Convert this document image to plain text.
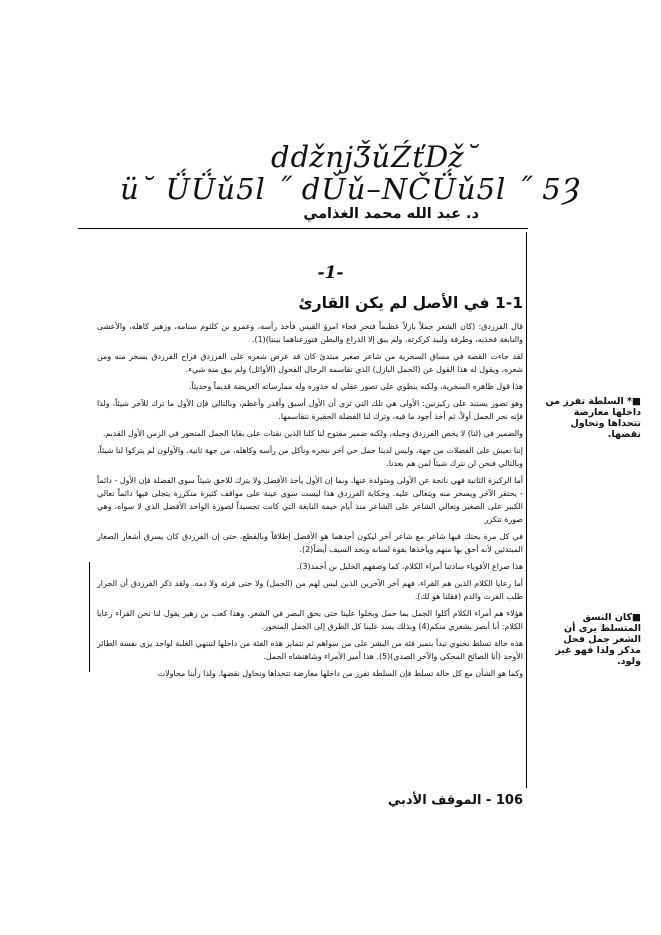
dǆǌǮǔŹťǅ˘
ü˘ ǗǗǔ5l ˝ dǓǔ–NČǗǔ5l ˝ 5Ȝ
د. عبد الله محمد الغذامي
-1-
1-1 في الأصل لم يكن القارئ

قال الفرزدق: (كان الشعر جملاً بازلاً عظيماً فنحر فجاء امرؤ القيس فأخذ رأسه، وعمرو بن كلثوم سنامه، وزهير كاهله، والأعشى والنابغة فخذيه، وطرفة ولبيد كركرته، ولم يبق إلا الذراع والبطن فتوزعناهما بيننا)(1).

لقد جاءت القصة في مساق السخرية من شاعر صغير مبتدئ كان قد عرض شعره على الفرزدق فراح الفرزدق يسخر منه ومن شعره، ويقول له هذا القول عن (الجمل البازل) الذي تقاسمه الرجال الفحول (الأوائل) ولم يبق منه شيء.

هذا قول ظاهره السخرية، ولكنه ينطوي على تصور عقلي له جذوره وله ممارساته العريضة قديماً وحديثاً.

وهو تصور يستند على ركيزتين: الأولى هي تلك التي ترى أن الأول أسبق وأقدر وأعظم، وبالتالي فإن الأول ما ترك للآخر شيئاً، ولذا فإنه نحر الجمل أولاً، ثم أخذ أجود ما فيه، وترك لنا الفضلة الحقيرة نتقاسمها.

والضمير في (لنا) لا يخص الفرزدق وجيله، ولكنه ضمير مفتوح لنا كلنا الذين نقتات على بقايا الجمل المنحور في الزمن الأول القديم.

إننا نعيش على الفضلات من جهة، وليس لدينا جمل حي آخر ننحره ونأكل من رأسه وكاهله، من جهة ثانية. والأولون لم يتركوا لنا شيئاً، وبالتالي فنحن لن نترك شيئاً لمن هم بعدنا.

أما الركيزة الثانية فهي ناتجة عن الأولى ومتولدة عنها، وبما إن الأول يأخذ الأفضل ولا يترك للاحق شيئاً سوى الفضلة فإن الأول - دائماً - يحتقر الآخر ويسخر منه ويتعالى عليه. وحكاية الفرزدق هذا ليست سوى عينة على مواقف كثيرة متكررة يتجلى فيها دائماً تعالي الكبير على الصغير وتعالي الشاعر على الشاعر منذ أيام خيمة النابغة التي كانت تجسيداً لصورة الواحد الأفضل الذي لا سواه، وهي صورة تتكرر

في كل مرة يحتك فيها شاعر مع شاعر آخر ليكون أحدهما هو الأفضل إطلاقاً وبالقطع، حتى إن الفرزدق كان يسرق أشعار الصغار المبتدئين لأنه أحق بها منهم ويأخذها بقوة لسانه وبحد السيف أيضاً(2).

هذا صراع الأقوياء سادتنا أمراء الكلام، كما وصفهم الخليل بن أحمد(3).

أما رعايا الكلام الذين هم القراء، فهم آخر الآخرين الذين ليس لهم من (الجمل) ولا حتى فرثه ولا دمه. ولقد ذكر الفرزدق أن الجزار طلب الفرث والدم (فقلنا هو لك).

هؤلاء هم أمراء الكلام أكلوا الجمل بما حمل وبخلوا علينا حتى بحق البصر في الشعر. وهذا كعب بن زهير يقول لنا نحن القراء رعايا الكلام: أنا أبصر بشعري منكم(4) وبذلك يسد علينا كل الطرق إلى الجمل المنحور.

هذه حالة تسلط نخبوي تبدأ بتميز فئة من البشر على من سواهم ثم تتمايز هذه الفئة من داخلها لتنتهي الغلبة لواحد يرى نفسه الطائر الأوحد (أنا الصائح المحكي والآخر الصدى)(5). هذا أمير الأمراء وشاهنشاه الجمل.

وكما هو الشأن مع كل حالة تسلط فإن السلطة تفرز من داخلها معارضة تتحداها وتحاول نقضها. ولذا رأينا محاولات

■* السلطة تفرز من داخلها معارضة تتحداها وتحاول نقضها.
■كان النسق المتسلط يرى أن الشعر جمل فحل مذكر ولذا فهو غير ولود.
106 - الموقف الأدبي
